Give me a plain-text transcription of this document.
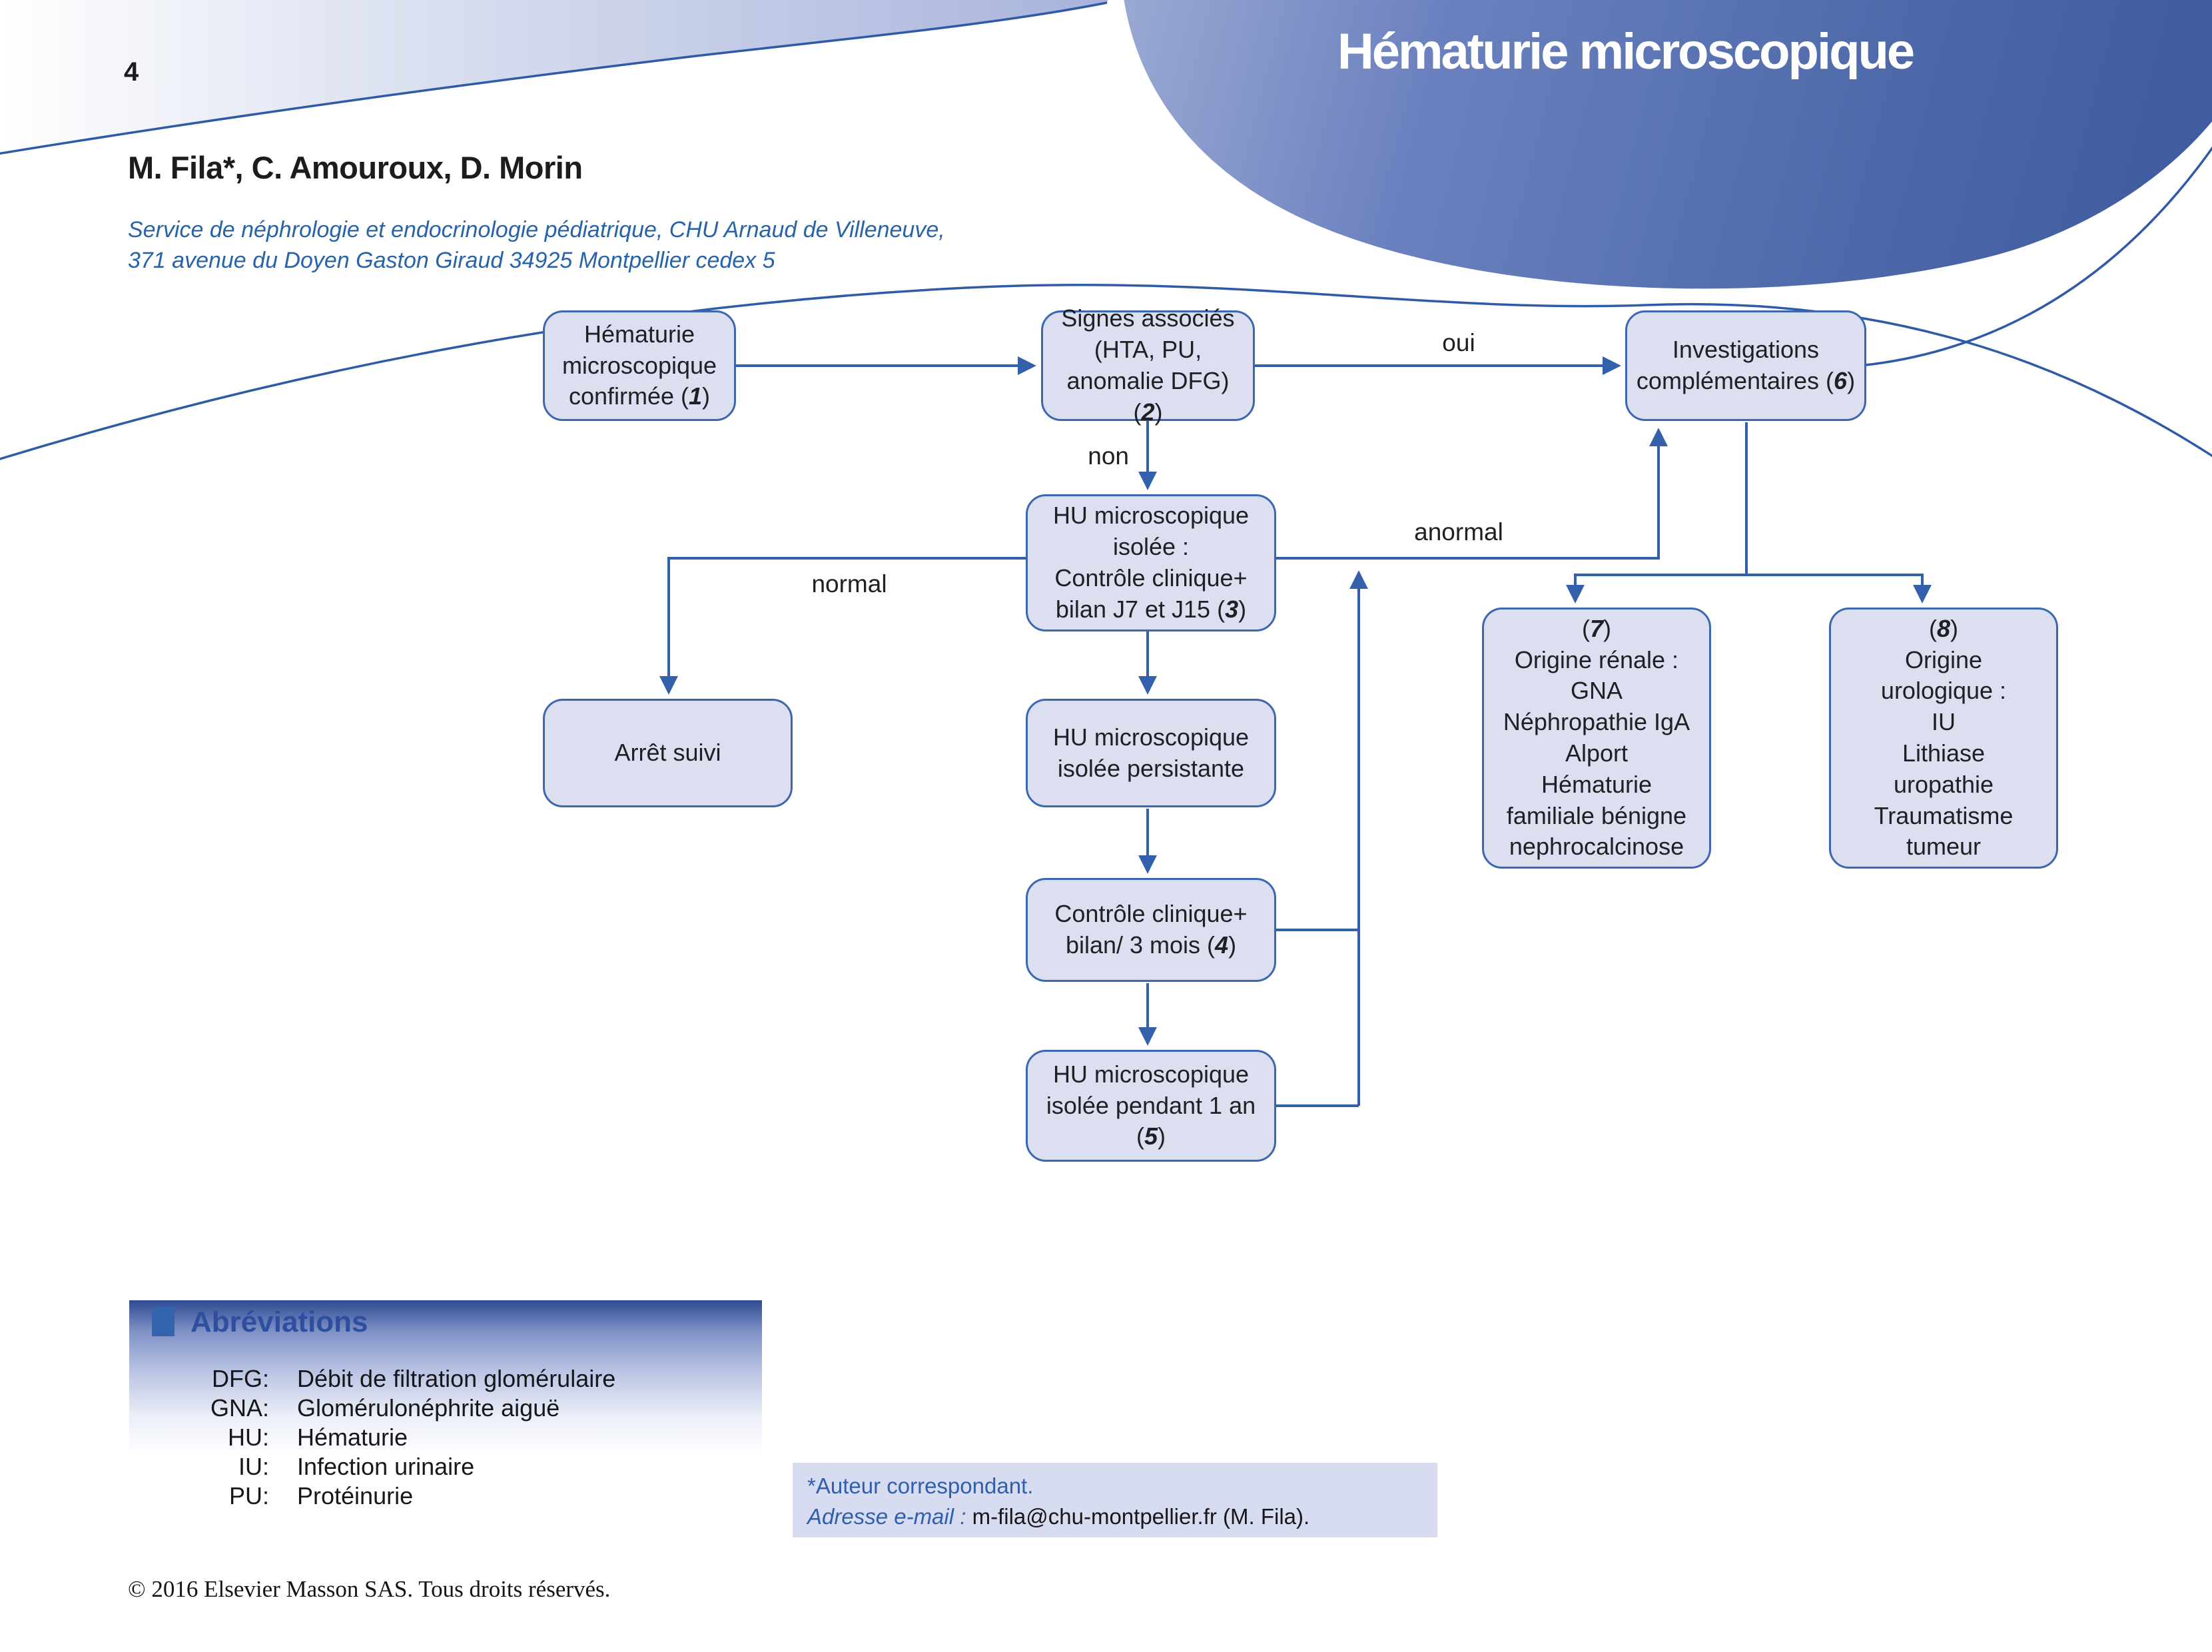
4	Hématurie microscopique
M. Fila*, C. Amouroux, D. Morin
Service de néphrologie et endocrinologie pédiatrique, CHU Arnaud de Villeneuve,
371 avenue du Doyen Gaston Giraud 34925 Montpellier cedex 5
Hématurie
microscopique
confirmée (1)
Signes associés
(HTA, PU,
anomalie DFG) (2)
Investigations
complémentaires (6)
HU microscopique
isolée :
Contrôle clinique+
bilan J7 et J15 (3)
Arrêt suivi
HU microscopique
isolée persistante
Contrôle clinique+
bilan/ 3 mois (4)
HU microscopique
isolée pendant 1 an
(5)
(7)
Origine rénale :
GNA
Néphropathie IgA
Alport
Hématurie
familiale bénigne
nephrocalcinose
(8)
Origine
urologique :
IU
Lithiase
uropathie
Traumatisme
tumeur
oui
non
normal
anormal
Abréviations
DFG : Débit de filtration glomérulaire
GNA : Glomérulonéphrite aiguë
HU : Hématurie
IU : Infection urinaire
PU : Protéinurie	*Auteur correspondant.
Adresse e-mail : m-fila@chu-montpellier.fr (M. Fila).
© 2016 Elsevier Masson SAS. Tous droits réservés.
